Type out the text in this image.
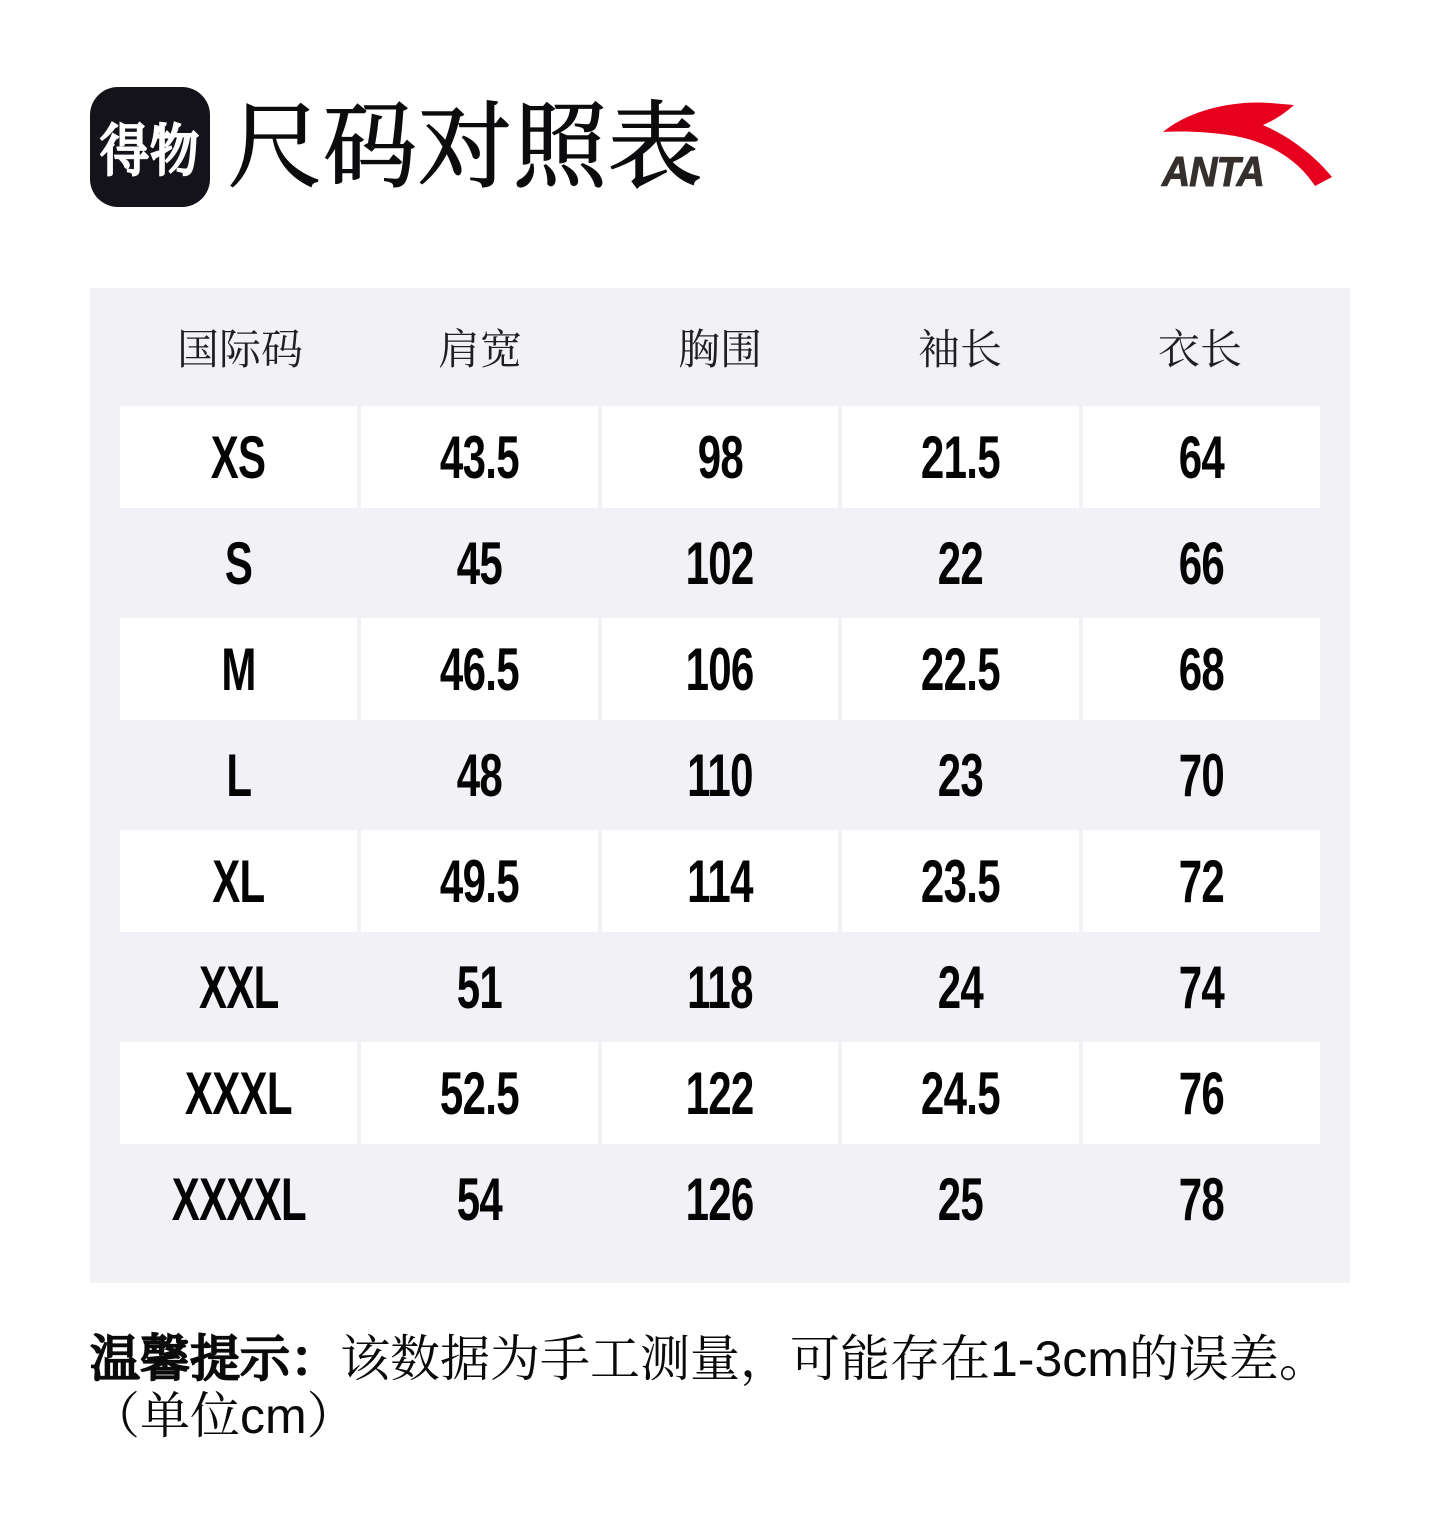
得物 尺码对照表	ANTA
国际码	肩宽	胸围	袖长	衣长
XS	43.5	98	21.5	64
S	45	102	22	66
M	46.5	106	22.5	68
L	48	110	23	70
XL	49.5	114	23.5	72
XXL	51	118	24	74
XXXL 52.5	122	24.5	76
XXXXL	54	126	25	78
温馨提示：该数据为手工测量，可能存在1-3cm的误差。
（单位cm）
